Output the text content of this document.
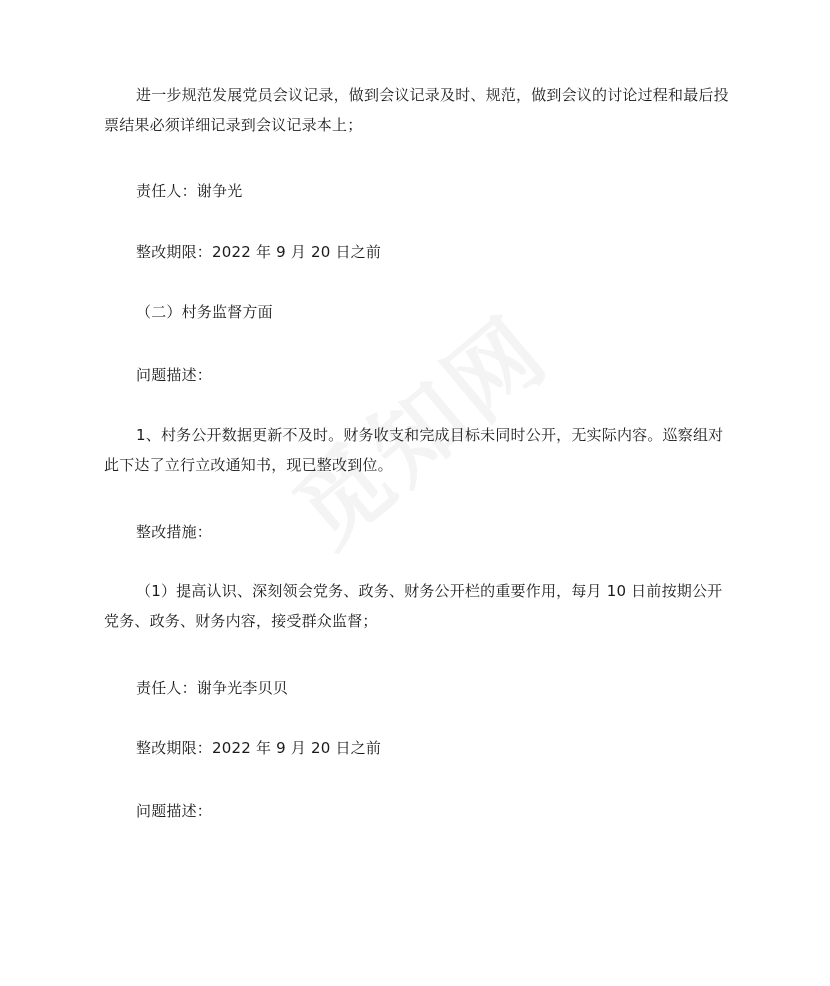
进一步规范发展党员会议记录，做到会议记录及时、规范，做到会议的讨论过程和最后投票结果必须详细记录到会议记录本上；

责任人：谢争光

整改期限：2022 年 9 月 20 日之前

（二）村务监督方面

问题描述：

1、村务公开数据更新不及时。财务收支和完成目标未同时公开，无实际内容。巡察组对此下达了立行立改通知书，现已整改到位。

整改措施：

（1）提高认识、深刻领会党务、政务、财务公开栏的重要作用，每月 10 日前按期公开党务、政务、财务内容，接受群众监督；

责任人：谢争光李贝贝

整改期限：2022 年 9 月 20 日之前

问题描述：
